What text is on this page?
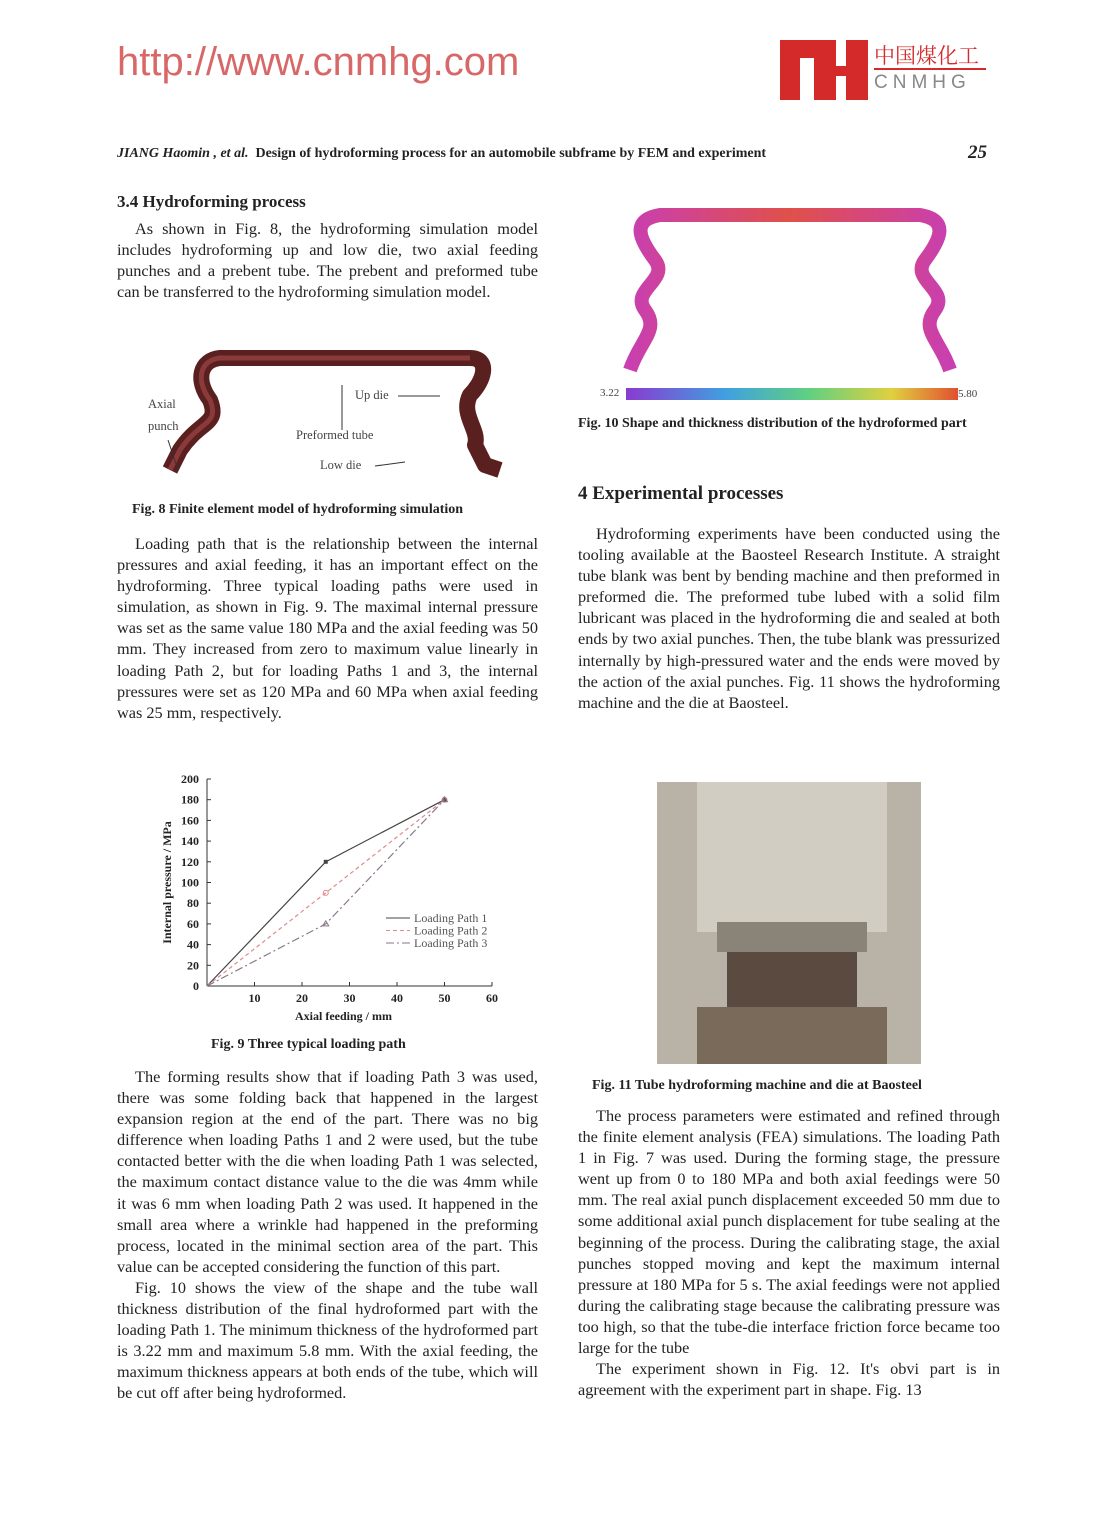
JIANG Haomin , et al. Design of hydroforming process for an automobile subframe by FEM and experiment	25
3.4 Hydroforming process

As shown in Fig. 8, the hydroforming simulation model includes hydroforming up and low die, two axial feeding punches and a prebent tube. The prebent and preformed tube can be transferred to the hydroforming simulation model.

Axial
punch
Up die
Preformed tube
Low die
Fig. 8 Finite element model of hydroforming simulation

Loading path that is the relationship between the internal pressures and axial feeding, it has an important effect on the hydroforming. Three typical loading paths were used in simulation, as shown in Fig. 9. The maximal internal pressure was set as the same value 180 MPa and the axial feeding was 50 mm. They increased from zero to maximum value linearly in loading Path 2, but for loading Paths 1 and 3, the internal pressures were set as 120 MPa and 60 MPa when axial feeding was 25 mm, respectively.

0
20
40
60
80
100
120
140
160
180
200
10	20	30	40	50	60
Axial feeding / mm
Internal pressure / MPa	Loading Path 1
Loading Path 2
Loading Path 3
Fig. 9 Three typical loading path

The forming results show that if loading Path 3 was used, there was some folding back that happened in the largest expansion region at the end of the part. There was no big difference when loading Paths 1 and 2 were used, but the tube contacted better with the die when loading Path 1 was selected, the maximum contact distance value to the die was 4mm while it was 6 mm when loading Path 2 was used. It happened in the small area where a wrinkle had happened in the preforming process, located in the minimal section area of the part. This value can be accepted considering the function of this part.

Fig. 10 shows the view of the shape and the tube wall thickness distribution of the final hydroformed part with the loading Path 1. The minimum thickness of the hydroformed part is 3.22 mm and maximum 5.8 mm. With the axial feeding, the maximum thickness appears at both ends of the tube, which will be cut off after being hydroformed.

3.22	5.80
Fig. 10 Shape and thickness distribution of the hydroformed part
4 Experimental processes

Hydroforming experiments have been conducted using the tooling available at the Baosteel Research Institute. A straight tube blank was bent by bending machine and then preformed in preformed die. The preformed tube lubed with a solid film lubricant was placed in the hydroforming die and sealed at both ends by two axial punches. Then, the tube blank was pressurized internally by high-pressured water and the ends were moved by the action of the axial punches. Fig. 11 shows the hydroforming machine and the die at Baosteel.

Fig. 11 Tube hydroforming machine and die at Baosteel

The process parameters were estimated and refined through the finite element analysis (FEA) simulations. The loading Path 1 in Fig. 7 was used. During the forming stage, the pressure went up from 0 to 180 MPa and both axial feedings were 50 mm. The real axial punch displacement exceeded 50 mm due to some additional axial punch displacement for tube sealing at the beginning of the process. During the calibrating stage, the axial punches stopped moving and kept the maximum internal pressure at 180 MPa for 5 s. The axial feedings were not applied during the calibrating stage because the calibrating pressure was too high, so that the tube-die interface friction force became too large for the tube

The experiment shown in Fig. 12. It's obvi part is in agreement with the experiment part in shape. Fig. 13

http://www.cnmhg.com	中国煤化工
CNMHG
